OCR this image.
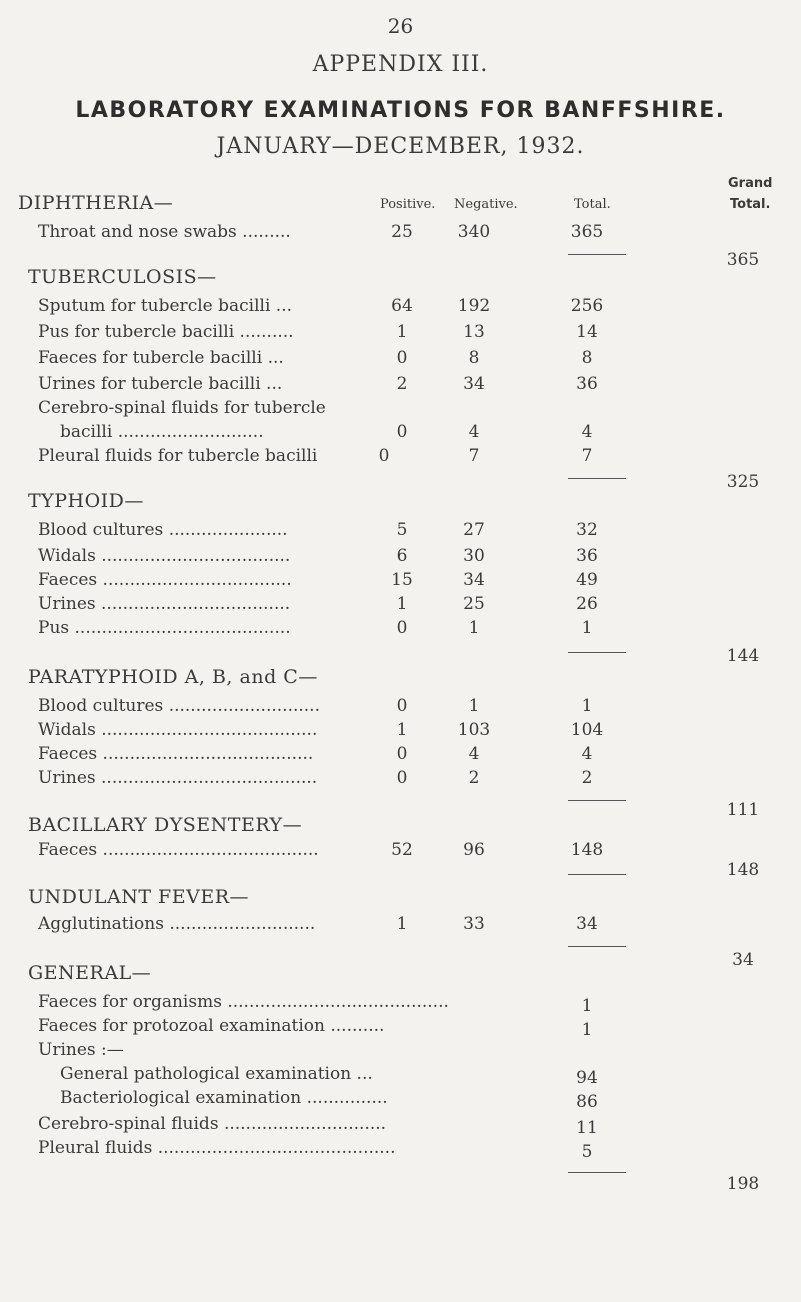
26
APPENDIX III.
LABORATORY EXAMINATIONS FOR BANFFSHIRE.
JANUARY—DECEMBER, 1932.
Positive. Negative.	Total.
Grand
Total.
DIPHTHERIA—
Throat and nose swabs .........	25	340	365
365
TUBERCULOSIS—
Sputum for tubercle bacilli ...	64	192	256
Pus for tubercle bacilli ..........	1	13	14
Faeces for tubercle bacilli ...	0	8	8
Urines for tubercle bacilli ...	2	34	36
Cerebro-spinal fluids for tubercle
bacilli ...........................	0	4	4
Pleural fluids for tubercle bacilli	0	7	7
325
TYPHOID—
Blood cultures ......................	5	27	32
Widals ...................................	6	30	36
Faeces ...................................	15	34	49
Urines ...................................	1	25	26
Pus ........................................	0	1	1
144
PARATYPHOID A, B, and C—
Blood cultures ............................	0	1	1
Widals ........................................	1	103	104
Faeces .......................................	0	4	4
Urines ........................................	0	2	2
111
BACILLARY DYSENTERY—
Faeces ........................................	52	96	148
148
UNDULANT FEVER—
Agglutinations ...........................	1	33	34
34
GENERAL—
Faeces for organisms .........................................	1
Faeces for protozoal examination ..........	1
Urines :—
General pathological examination ...	94
Bacteriological examination ...............	86
Cerebro-spinal fluids ..............................	11
Pleural fluids ............................................	5
198
